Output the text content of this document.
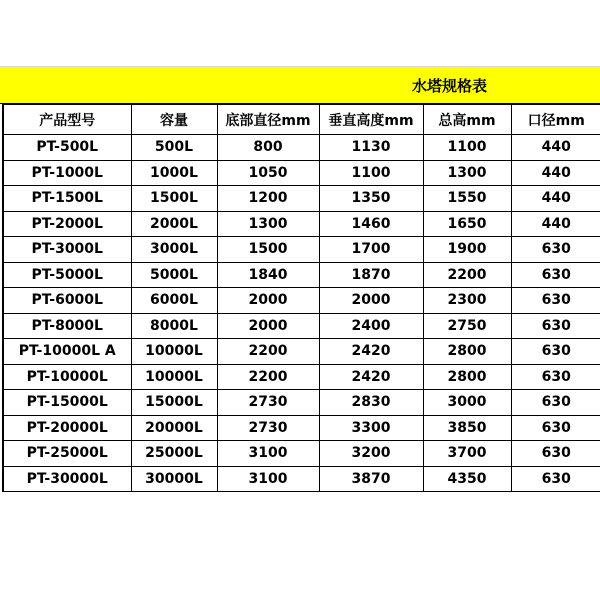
水塔规格表
产品型号	容量	底部直径mm	垂直高度mm	总高mm	口径mm
PT-500L	500L	800	1130	1100	440
PT-1000L	1000L	1050	1100	1300	440
PT-1500L	1500L	1200	1350	1550	440
PT-2000L	2000L	1300	1460	1650	440
PT-3000L	3000L	1500	1700	1900	630
PT-5000L	5000L	1840	1870	2200	630
PT-6000L	6000L	2000	2000	2300	630
PT-8000L	8000L	2000	2400	2750	630
PT-10000L A	10000L	2200	2420	2800	630
PT-10000L	10000L	2200	2420	2800	630
PT-15000L	15000L	2730	2830	3000	630
PT-20000L	20000L	2730	3300	3850	630
PT-25000L	25000L	3100	3200	3700	630
PT-30000L	30000L	3100	3870	4350	630
